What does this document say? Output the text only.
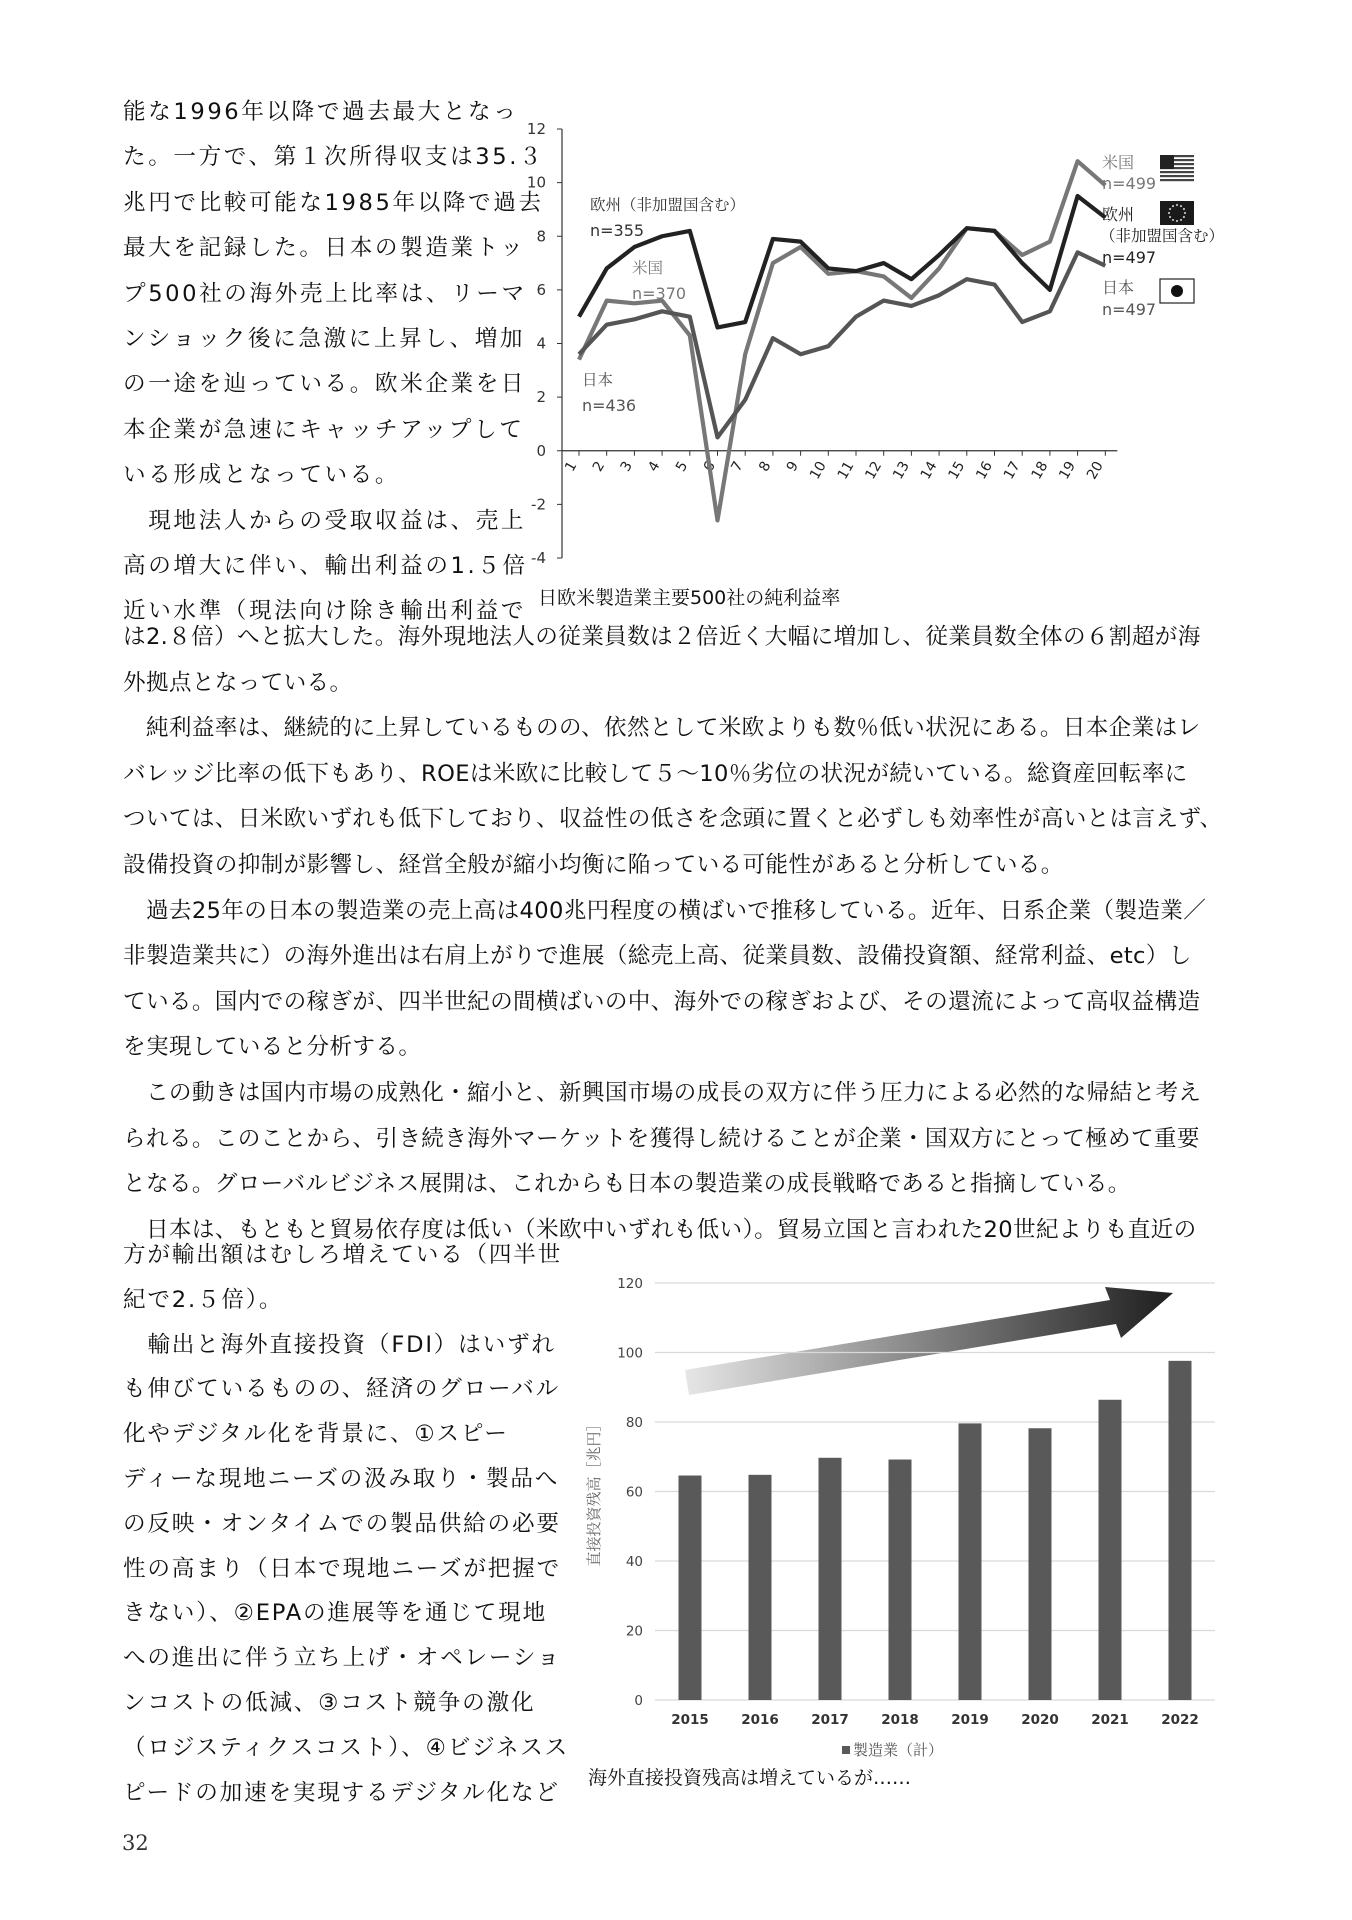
能な1996年以降で過去最大となっ
た。一方で、第１次所得収支は35.３
兆円で比較可能な1985年以降で過去
最大を記録した。日本の製造業トッ
プ500社の海外売上比率は、リーマ
ンショック後に急激に上昇し、増加
の一途を辿っている。欧米企業を日
本企業が急速にキャッチアップして
いる形成となっている。
　現地法人からの受取収益は、売上
高の増大に伴い、輸出利益の1.５倍
近い水準（現法向け除き輸出利益で
は2.８倍）へと拡大した。海外現地法人の従業員数は２倍近く大幅に増加し、従業員数全体の６割超が海
外拠点となっている。
　純利益率は、継続的に上昇しているものの、依然として米欧よりも数％低い状況にある。日本企業はレ
バレッジ比率の低下もあり、ROEは米欧に比較して５～10％劣位の状況が続いている。総資産回転率に
ついては、日米欧いずれも低下しており、収益性の低さを念頭に置くと必ずしも効率性が高いとは言えず、
設備投資の抑制が影響し、経営全般が縮小均衡に陥っている可能性があると分析している。
　過去25年の日本の製造業の売上高は400兆円程度の横ばいで推移している。近年、日系企業（製造業／
非製造業共に）の海外進出は右肩上がりで進展（総売上高、従業員数、設備投資額、経常利益、etc）し
ている。国内での稼ぎが、四半世紀の間横ばいの中、海外での稼ぎおよび、その還流によって高収益構造
を実現していると分析する。
　この動きは国内市場の成熟化・縮小と、新興国市場の成長の双方に伴う圧力による必然的な帰結と考え
られる。このことから、引き続き海外マーケットを獲得し続けることが企業・国双方にとって極めて重要
となる。グローバルビジネス展開は、これからも日本の製造業の成長戦略であると指摘している。
　日本は、もともと貿易依存度は低い（米欧中いずれも低い）。貿易立国と言われた20世紀よりも直近の
方が輸出額はむしろ増えている（四半世
紀で2.５倍）。
　輸出と海外直接投資（FDI）はいずれ
も伸びているものの、経済のグローバル
化やデジタル化を背景に、①スピー
ディーな現地ニーズの汲み取り・製品へ
の反映・オンタイムでの製品供給の必要
性の高まり（日本で現地ニーズが把握で
きない）、②EPAの進展等を通じて現地
への進出に伴う立ち上げ・オペレーショ
ンコストの低減、③コスト競争の激化
（ロジスティクスコスト）、④ビジネスス
ピードの加速を実現するデジタル化など
-4
-2
0
2
4
6
8
10
12
1 2 3 4 5 6 7 8 9 10 11 12 13 14 15 16 17 18 19 20
欧州（非加盟国含む）
n=355
米国
n=370
日本
n=436
米国
n=499
欧州
（非加盟国含む）
n=497
日本
n=497
日欧米製造業主要500社の純利益率
0
20
40
60
80
100
120
2015 2016 2017 2018 2019 2020 2021 2022
直接投資残高［兆円］
製造業（計）
海外直接投資残高は増えているが……
32
